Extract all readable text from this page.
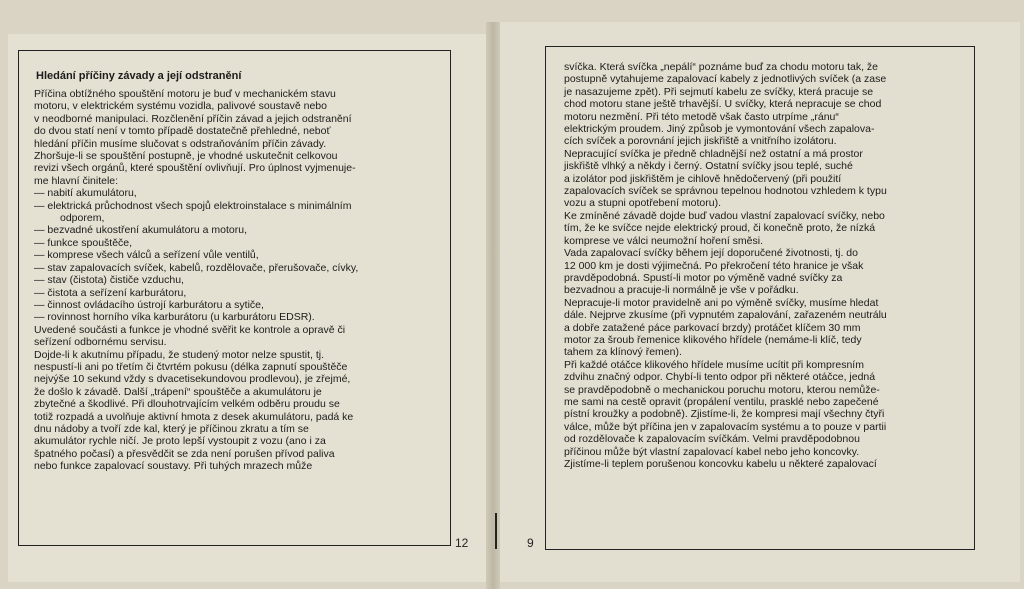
Hledání příčiny závady a její odstranění

Příčina obtížného spouštění motoru je buď v mechanickém stavu

motoru, v elektrickém systému vozidla, palivové soustavě nebo

v neodborné manipulaci. Rozčlenění příčin závad a jejich odstranění

do dvou statí není v tomto případě dostatečně přehledné, neboť

hledání příčin musíme slučovat s odstraňováním příčin závady.

Zhoršuje-li se spouštění postupně, je vhodné uskutečnit celkovou

revizi všech orgánů, které spouštění ovlivňují. Pro úplnost vyjmenuje-

me hlavní činitele:

— nabití akumulátoru,

— elektrická průchodnost všech spojů elektroinstalace s minimálním

odporem,

— bezvadné ukostření akumulátoru a motoru,

— funkce spouštěče,

— komprese všech válců a seřízení vůle ventilů,

— stav zapalovacích svíček, kabelů, rozdělovače, přerušovače, cívky,

— stav (čistota) čističe vzduchu,

— čistota a seřízení karburátoru,

— činnost ovládacího ústrojí karburátoru a sytiče,

— rovinnost horního víka karburátoru (u karburátoru EDSR).

Uvedené součásti a funkce je vhodné svěřit ke kontrole a opravě či

seřízení odbornému servisu.

Dojde-li k akutnímu případu, že studený motor nelze spustit, tj.

nespustí-li ani po třetím či čtvrtém pokusu (délka zapnutí spouštěče

nejvýše 10 sekund vždy s dvacetisekundovou prodlevou), je zřejmé,

že došlo k závadě. Další „trápení“ spouštěče a akumulátoru je

zbytečné a škodlivé. Při dlouhotrvajícím velkém odběru proudu se

totiž rozpadá a uvolňuje aktivní hmota z desek akumulátoru, padá ke

dnu nádoby a tvoří zde kal, který je příčinou zkratu a tím se

akumulátor rychle ničí. Je proto lepší vystoupit z vozu (ano i za

špatného počasí) a přesvědčit se zda není porušen přívod paliva

nebo funkce zapalovací soustavy. Při tuhých mrazech může

svíčka. Která svíčka „nepálí“ poznáme buď za chodu motoru tak, že

postupně vytahujeme zapalovací kabely z jednotlivých svíček (a zase

je nasazujeme zpět). Při sejmutí kabelu ze svíčky, která pracuje se

chod motoru stane ještě trhavější. U svíčky, která nepracuje se chod

motoru nezmění. Při této metodě však často utrpíme „ránu“

elektrickým proudem. Jiný způsob je vymontování všech zapalova-

cích svíček a porovnání jejich jiskřiště a vnitřního izolátoru.

Nepracující svíčka je předně chladnější než ostatní a má prostor

jiskřiště vlhký a někdy i černý. Ostatní svíčky jsou teplé, suché

a izolátor pod jiskřištěm je cihlově hnědočervený (při použití

zapalovacích svíček se správnou tepelnou hodnotou vzhledem k typu

vozu a stupni opotřebení motoru).

Ke zmíněné závadě dojde buď vadou vlastní zapalovací svíčky, nebo

tím, že ke svíčce nejde elektrický proud, či konečně proto, že nízká

komprese ve válci neumožní hoření směsi.

Vada zapalovací svíčky během její doporučené životnosti, tj. do

12 000 km je dosti výjimečná. Po překročení této hranice je však

pravděpodobná. Spustí-li motor po výměně vadné svíčky za

bezvadnou a pracuje-li normálně je vše v pořádku.

Nepracuje-li motor pravidelně ani po výměně svíčky, musíme hledat

dále. Nejprve zkusíme (při vypnutém zapalování, zařazeném neutrálu

a dobře zatažené páce parkovací brzdy) protáčet klíčem 30 mm

motor za šroub řemenice klikového hřídele (nemáme-li klíč, tedy

tahem za klínový řemen).

Při každé otáčce klikového hřídele musíme ucítit při kompresním

zdvihu značný odpor. Chybí-li tento odpor při některé otáčce, jedná

se pravděpodobně o mechanickou poruchu motoru, kterou nemůže-

me sami na cestě opravit (propálení ventilu, prasklé nebo zapečené

pístní kroužky a podobně). Zjistíme-li, že kompresi mají všechny čtyři

válce, může být příčina jen v zapalovacím systému a to pouze v partii

od rozdělovače k zapalovacím svíčkám. Velmi pravděpodobnou

příčinou může být vlastní zapalovací kabel nebo jeho koncovky.

Zjistíme-li teplem porušenou koncovku kabelu u některé zapalovací

12	9
